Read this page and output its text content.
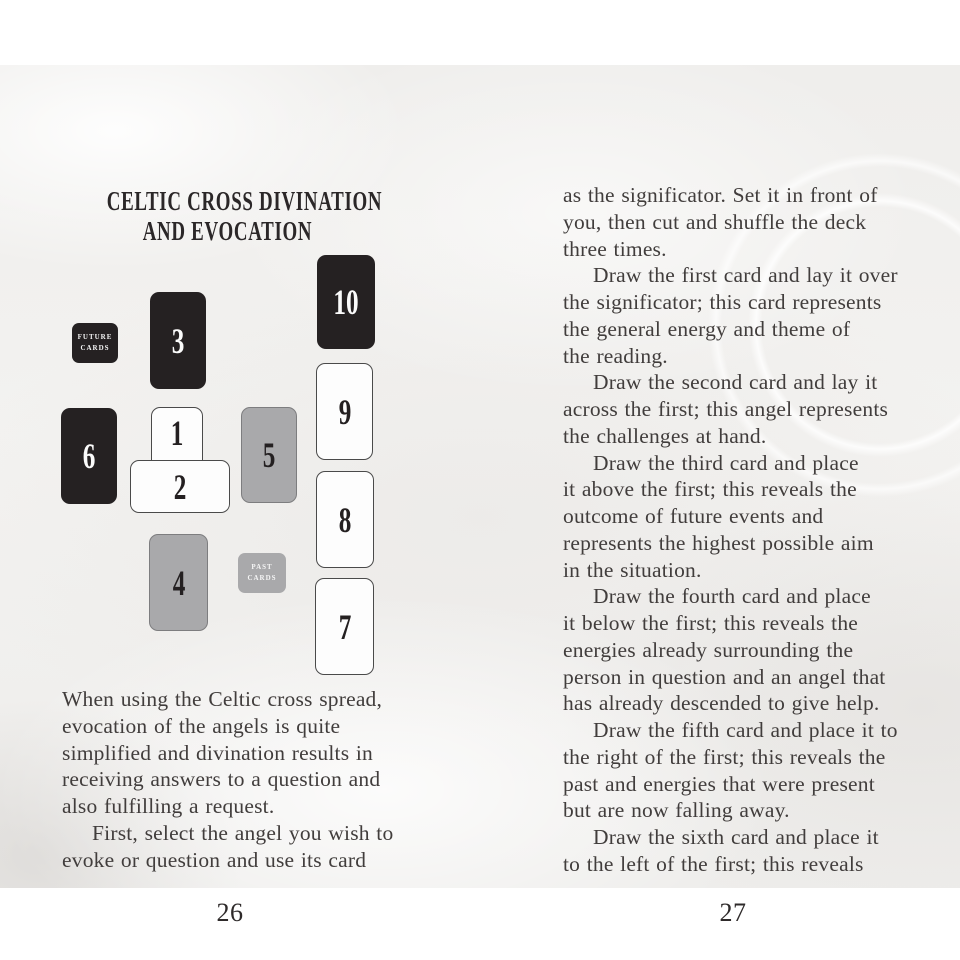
CELTIC CROSS DIVINATION
AND EVOCATION
FUTURE CARDS 3
10
9
6
1
5
2
4	PAST CARDS
8
7
When using the Celtic cross spread,
evocation of the angels is quite
simplified and divination results in
receiving answers to a question and
also fulfilling a request.
First, select the angel you wish to
evoke or question and use its card
26
as the significator. Set it in front of
you, then cut and shuffle the deck
three times.
Draw the first card and lay it over
the significator; this card represents
the general energy and theme of
the reading.
Draw the second card and lay it
across the first; this angel represents
the challenges at hand.
Draw the third card and place
it above the first; this reveals the
outcome of future events and
represents the highest possible aim
in the situation.
Draw the fourth card and place
it below the first; this reveals the
energies already surrounding the
person in question and an angel that
has already descended to give help.
Draw the fifth card and place it to
the right of the first; this reveals the
past and energies that were present
but are now falling away.
Draw the sixth card and place it
to the left of the first; this reveals
27
